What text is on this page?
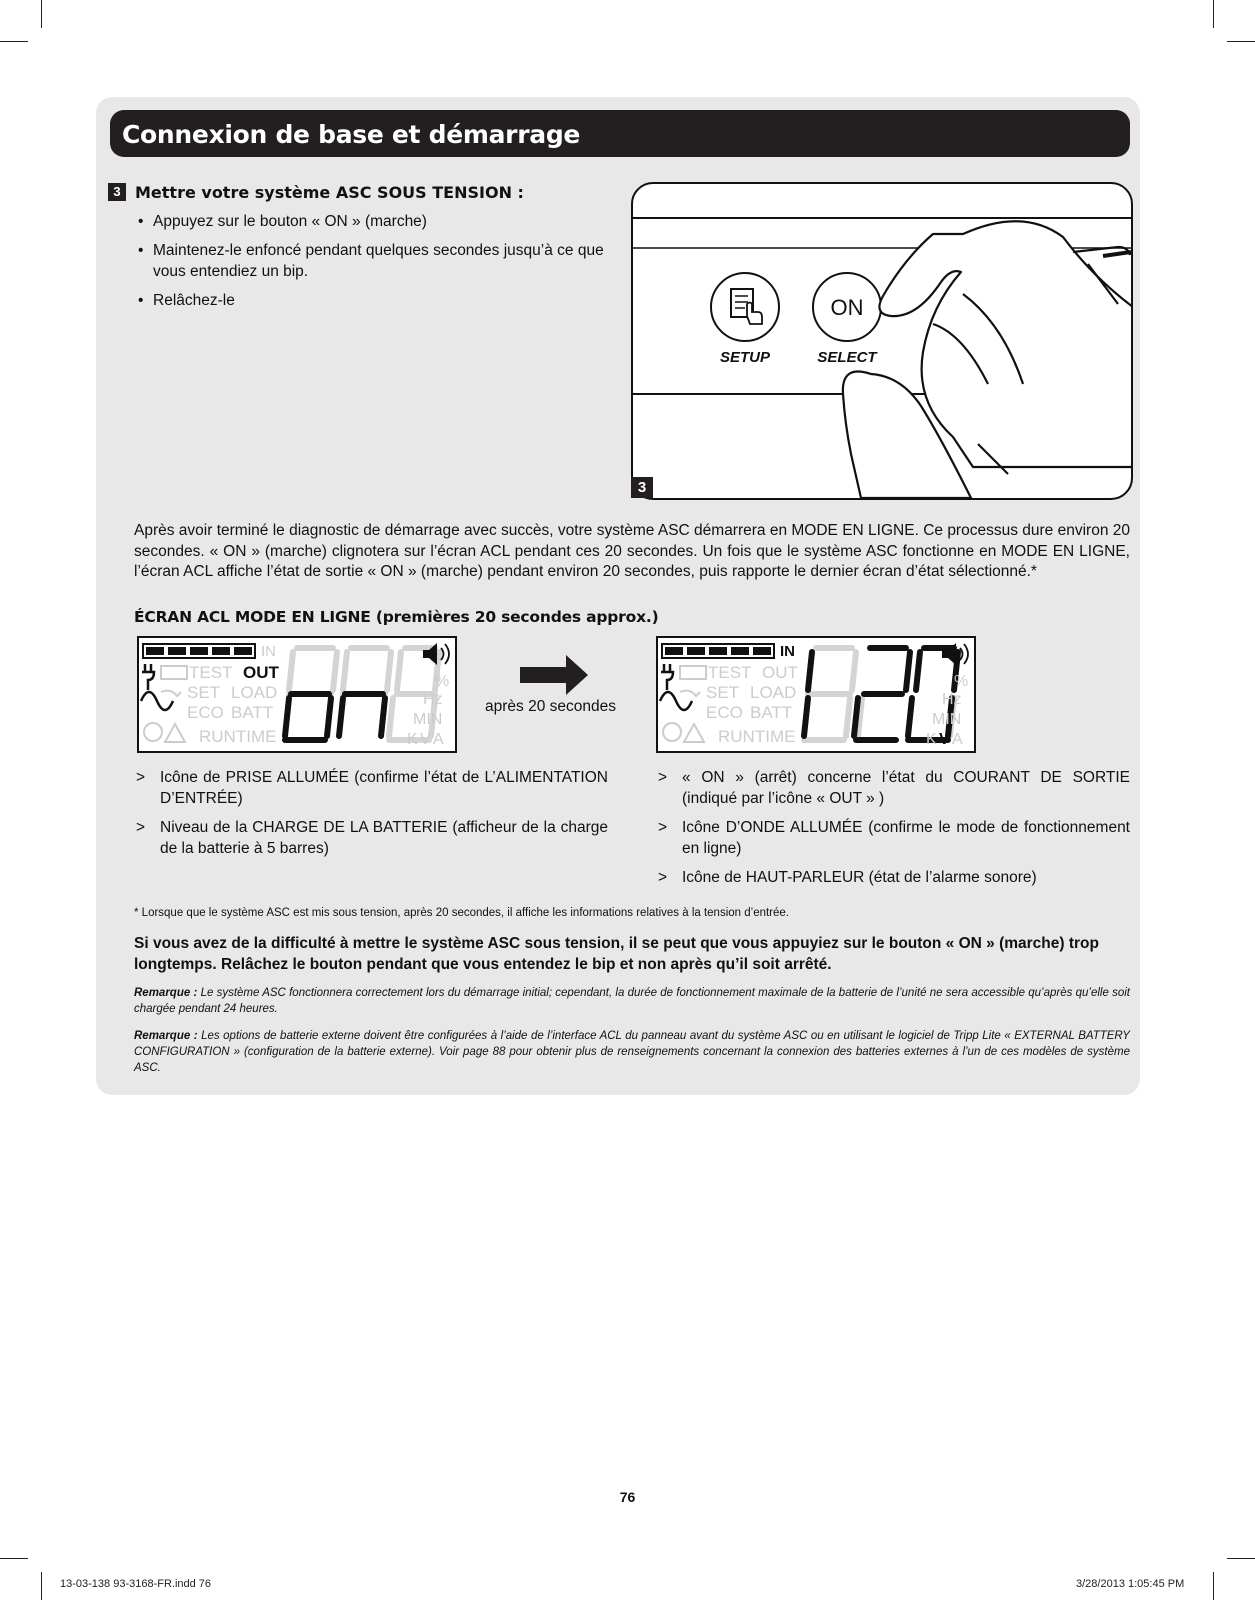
Connexion de base et démarrage
3 Mettre votre système ASC SOUS TENSION :
• Appuyez sur le bouton « ON » (marche)
• Maintenez-le enfoncé pendant quelques secondes jusqu’à ce que vous entendiez un bip.
• Relâchez-le	ON
SETUP	SELECT
3

Après avoir terminé le diagnostic de démarrage avec succès, votre système ASC démarrera en MODE EN LIGNE. Ce processus dure environ 20 secondes. « ON » (marche) clignotera sur l’écran ACL pendant ces 20 secondes. Un fois que le système ASC fonctionne en MODE EN LIGNE, l’écran ACL affiche l’état de sortie « ON » (marche) pendant environ 20 secondes, puis rapporte le dernier écran d’état sélectionné.*

ÉCRAN ACL MODE EN LIGNE (premières 20 secondes approx.)
IN
TEST OUT
SET LOAD
ECO BATT
RUNTIME
%
Hz
MIN
K V A
après 20 secondes
IN
TEST OUT
SET LOAD
ECO BATT
RUNTIME
%
Hz
MIN
K V A
> Icône de PRISE ALLUMÉE (confirme l’état de L’ALIMENTATION D’ENTRÉE)
> Niveau de la CHARGE DE LA BATTERIE (afficheur de la charge de la batterie à 5 barres)
> « ON » (arrêt) concerne l’état du COURANT DE SORTIE (indiqué par l’icône « OUT » )
> Icône D’ONDE ALLUMÉE (confirme le mode de fonctionnement en ligne)
> Icône de HAUT-PARLEUR (état de l’alarme sonore)
* Lorsque que le système ASC est mis sous tension, après 20 secondes, il affiche les informations relatives à la tension d’entrée.
Si vous avez de la difficulté à mettre le système ASC sous tension, il se peut que vous appuyiez sur le bouton « ON » (marche) trop longtemps. Relâchez le bouton pendant que vous entendez le bip et non après qu’il soit arrêté.
Remarque : Le système ASC fonctionnera correctement lors du démarrage initial; cependant, la durée de fonctionnement maximale de la batterie de l’unité ne sera accessible qu’après qu’elle soit chargée pendant 24 heures.
Remarque : Les options de batterie externe doivent être configurées à l’aide de l’interface ACL du panneau avant du système ASC ou en utilisant le logiciel de Tripp Lite « EXTERNAL BATTERY CONFIGURATION » (configuration de la batterie externe). Voir page 88 pour obtenir plus de renseignements concernant la connexion des batteries externes à l’un de ces modèles de système ASC.
76
13-03-138 93-3168-FR.indd 76	3/28/2013 1:05:45 PM
